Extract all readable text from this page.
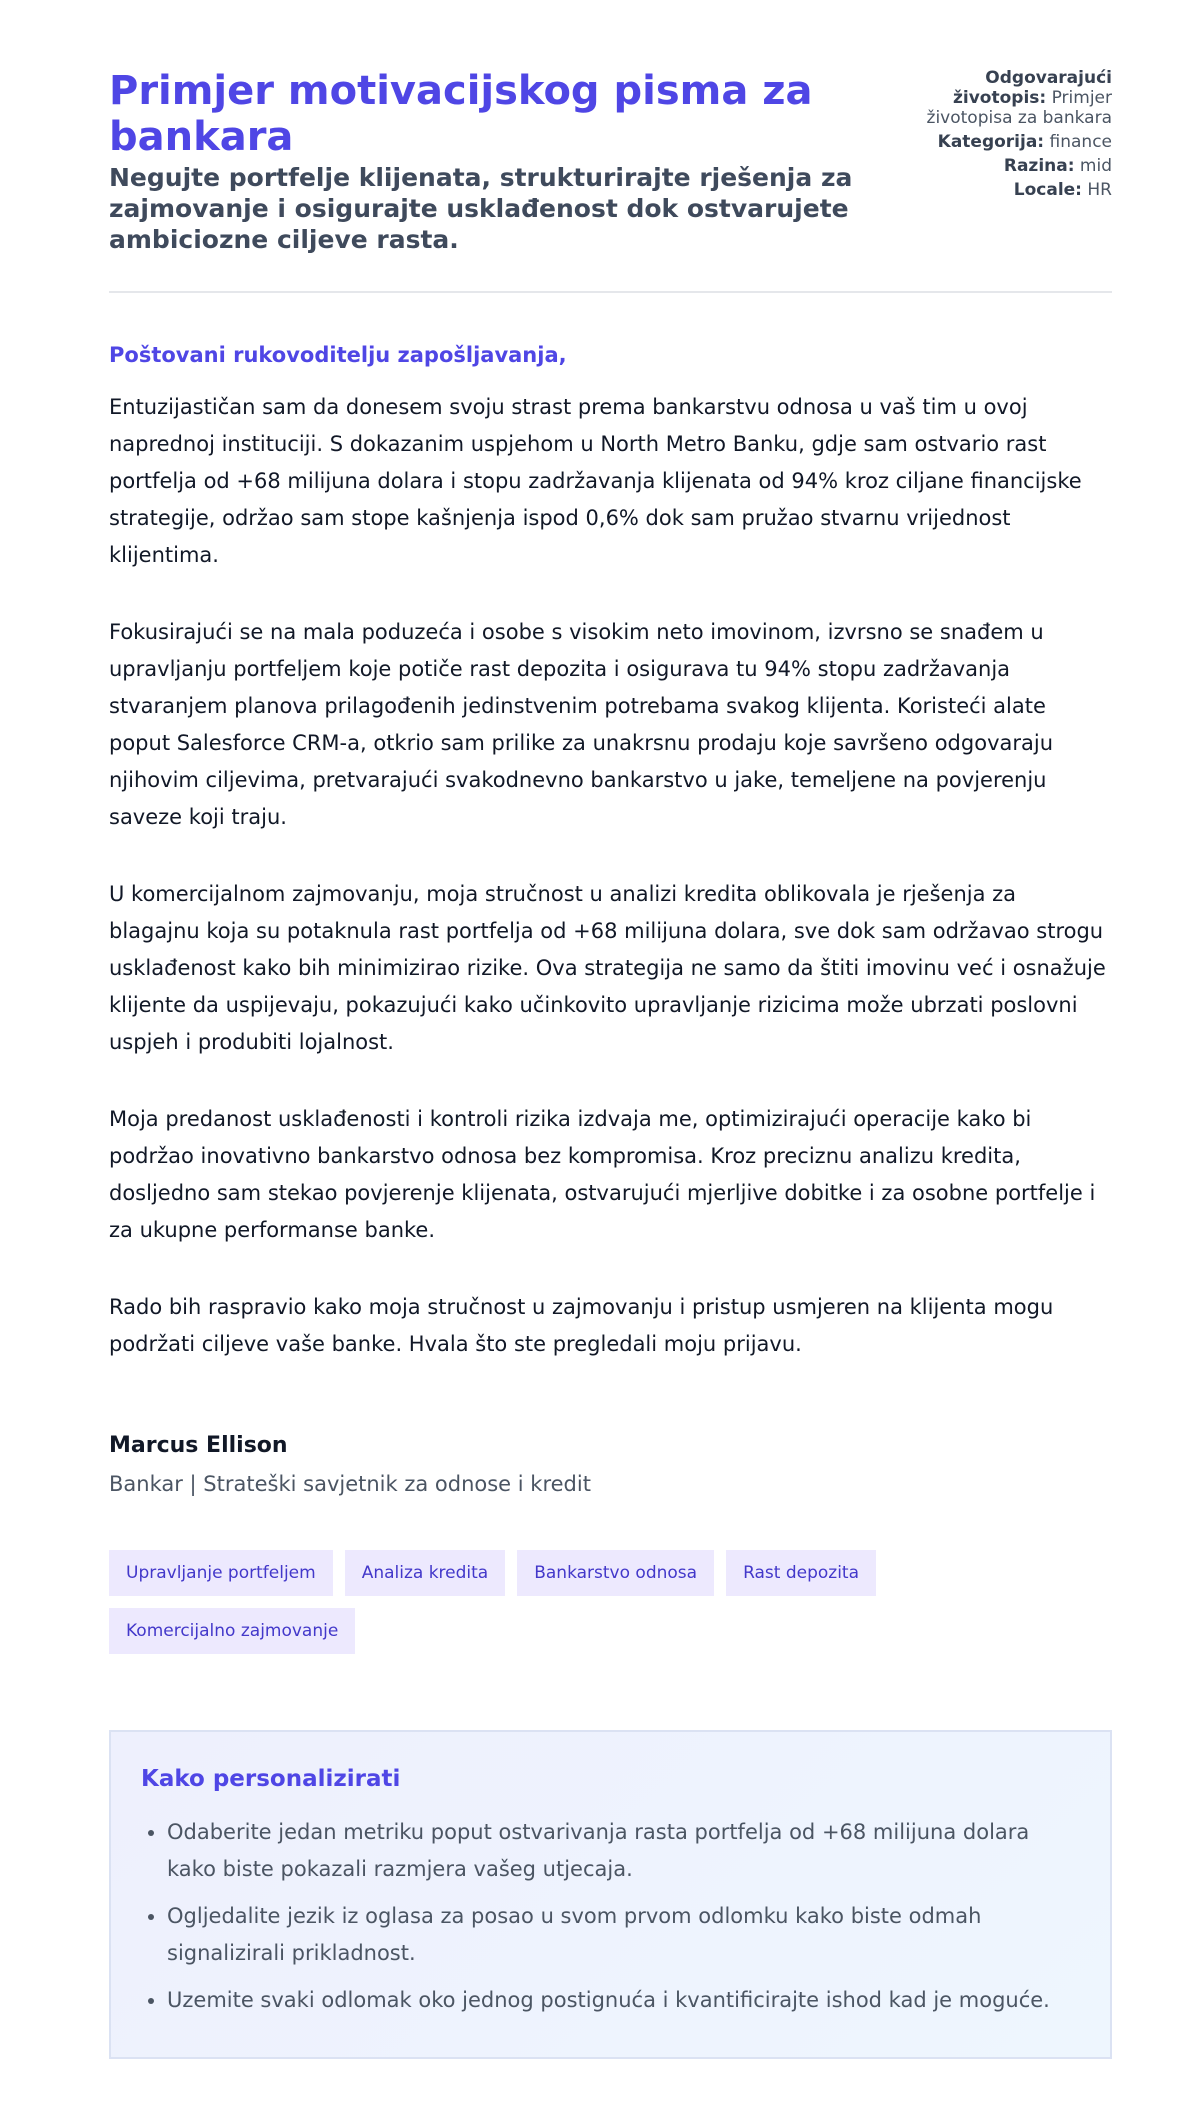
Primjer motivacijskog pisma za bankara
Negujte portfelje klijenata, strukturirajte rješenja za zajmovanje i osigurajte usklađenost dok ostvarujete ambiciozne ciljeve rasta.
Odgovarajući životopis: Primjer životopisa za bankara
Kategorija: finance
Razina: mid
Locale: HR
Poštovani rukovoditelju zapošljavanja,

Entuzijastičan sam da donesem svoju strast prema bankarstvu odnosa u vaš tim u ovoj naprednoj instituciji. S dokazanim uspjehom u North Metro Banku, gdje sam ostvario rast portfelja od +68 milijuna dolara i stopu zadržavanja klijenata od 94% kroz ciljane financijske strategije, održao sam stope kašnjenja ispod 0,6% dok sam pružao stvarnu vrijednost klijentima.

Fokusirajući se na mala poduzeća i osobe s visokim neto imovinom, izvrsno se snađem u upravljanju portfeljem koje potiče rast depozita i osigurava tu 94% stopu zadržavanja stvaranjem planova prilagođenih jedinstvenim potrebama svakog klijenta. Koristeći alate poput Salesforce CRM-a, otkrio sam prilike za unakrsnu prodaju koje savršeno odgovaraju njihovim ciljevima, pretvarajući svakodnevno bankarstvo u jake, temeljene na povjerenju saveze koji traju.

U komercijalnom zajmovanju, moja stručnost u analizi kredita oblikovala je rješenja za blagajnu koja su potaknula rast portfelja od +68 milijuna dolara, sve dok sam održavao strogu usklađenost kako bih minimizirao rizike. Ova strategija ne samo da štiti imovinu već i osnažuje klijente da uspijevaju, pokazujući kako učinkovito upravljanje rizicima može ubrzati poslovni uspjeh i produbiti lojalnost.

Moja predanost usklađenosti i kontroli rizika izdvaja me, optimizirajući operacije kako bi podržao inovativno bankarstvo odnosa bez kompromisa. Kroz preciznu analizu kredita, dosljedno sam stekao povjerenje klijenata, ostvarujući mjerljive dobitke i za osobne portfelje i za ukupne performanse banke.

Rado bih raspravio kako moja stručnost u zajmovanju i pristup usmjeren na klijenta mogu podržati ciljeve vaše banke. Hvala što ste pregledali moju prijavu.

Marcus Ellison
Bankar | Strateški savjetnik za odnose i kredit
Upravljanje portfeljem	Analiza kredita	Bankarstvo odnosa	Rast depozita
Komercijalno zajmovanje
Kako personalizirati
• Odaberite jedan metriku poput ostvarivanja rasta portfelja od +68 milijuna dolara kako biste pokazali razmjera vašeg utjecaja.
• Ogljedalite jezik iz oglasa za posao u svom prvom odlomku kako biste odmah signalizirali prikladnost.
• Uzemite svaki odlomak oko jednog postignuća i kvantificirajte ishod kad je moguće.
